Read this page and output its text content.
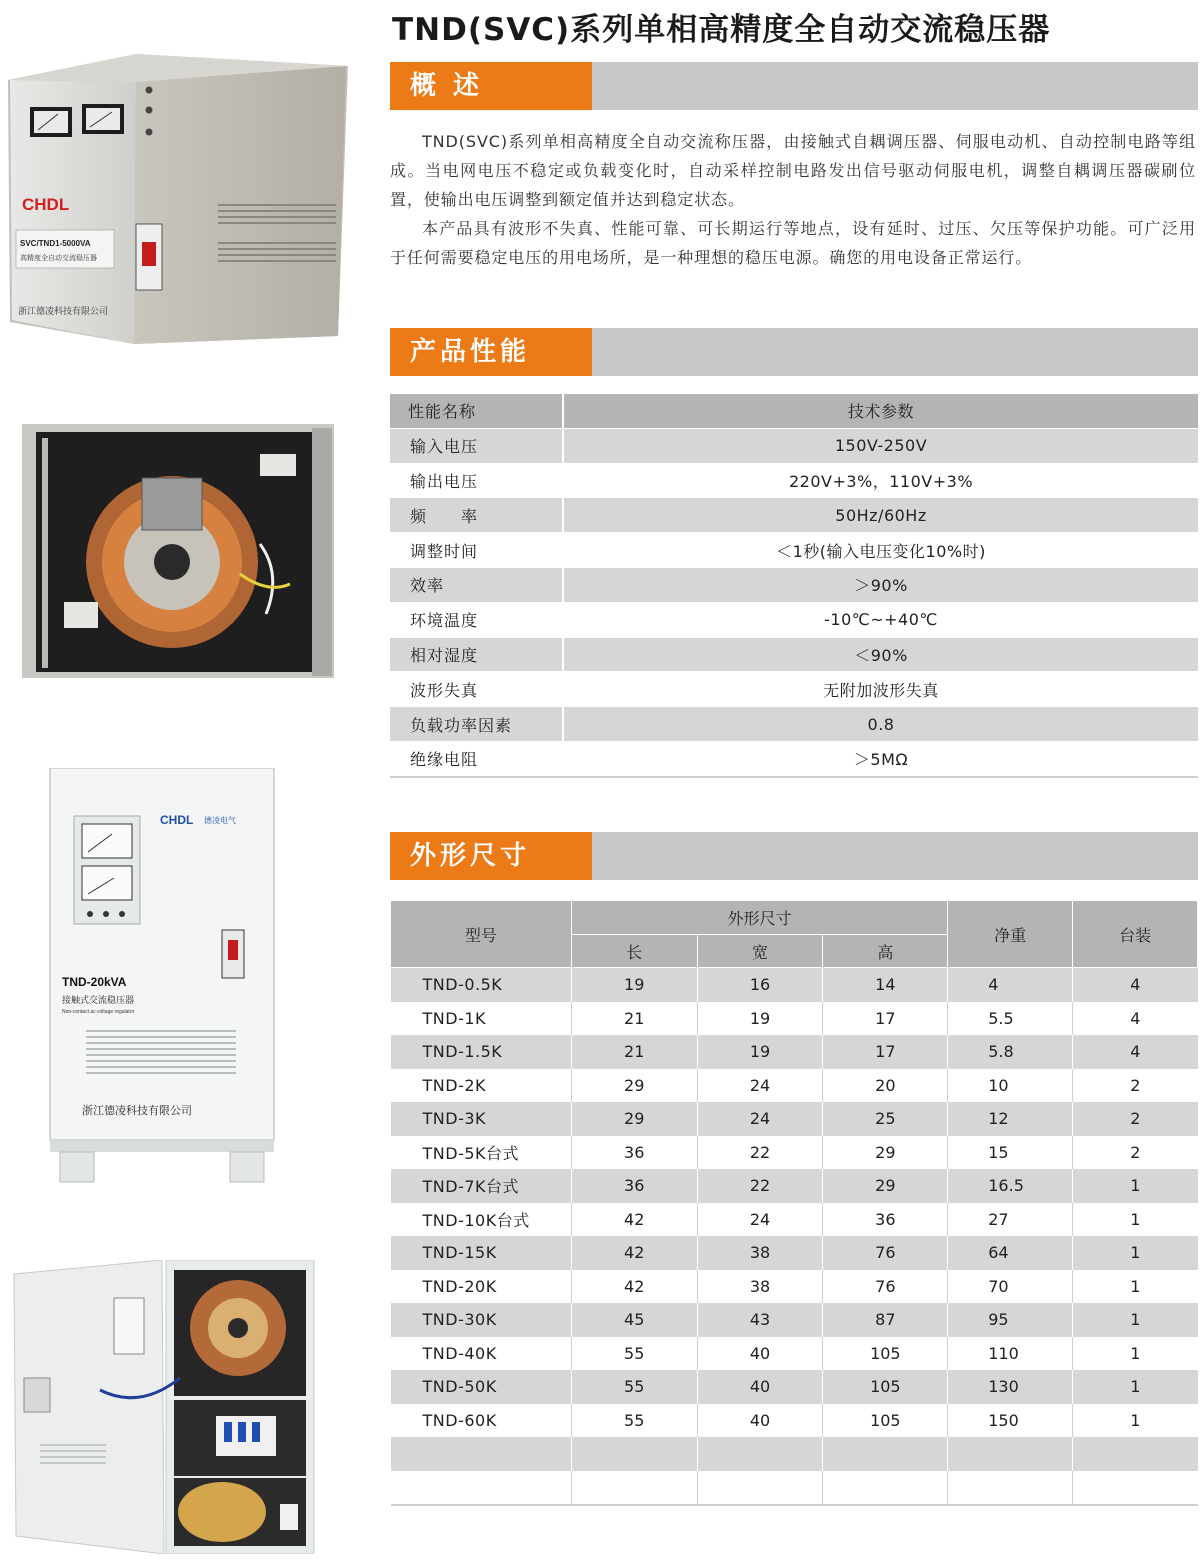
CHDL
SVC/TND1-5000VA
高精度全自动交流稳压器
浙江德凌科技有限公司
CHDL 德凌电气
TND-20kVA
接触式交流稳压器
Non-contact ac voltage regulator
浙江德凌科技有限公司
TND(SVC)系列单相高精度全自动交流稳压器
概 述

TND(SVC)系列单相高精度全自动交流称压器，由接触式自耦调压器、伺服电动机、自动控制电路等组成。当电网电压不稳定或负载变化时，自动采样控制电路发出信号驱动伺服电机，调整自耦调压器碳刷位置，使输出电压调整到额定值并达到稳定状态。

本产品具有波形不失真、性能可靠、可长期运行等地点，设有延时、过压、欠压等保护功能。可广泛用于任何需要稳定电压的用电场所，是一种理想的稳压电源。确您的用电设备正常运行。

产品性能
性能名称	技术参数
输入电压	150V-250V
输出电压	220V+3%，110V+3%
频　　率	50Hz/60Hz
调整时间	＜1秒(输入电压变化10%时)
效率	＞90%
环境温度	-10℃~+40℃
相对湿度	＜90%
波形失真	无附加波形失真
负载功率因素	0.8
绝缘电阻	＞5MΩ
外形尺寸
型号	外形尺寸			净重	台装
	长	宽	高		
TND-0.5K	19	16	14	4	4
TND-1K	21	19	17	5.5	4
TND-1.5K	21	19	17	5.8	4
TND-2K	29	24	20	10	2
TND-3K	29	24	25	12	2
TND-5K台式	36	22	29	15	2
TND-7K台式	36	22	29	16.5	1
TND-10K台式	42	24	36	27	1
TND-15K	42	38	76	64	1
TND-20K	42	38	76	70	1
TND-30K	45	43	87	95	1
TND-40K	55	40	105	110	1
TND-50K	55	40	105	130	1
TND-60K	55	40	105	150	1
